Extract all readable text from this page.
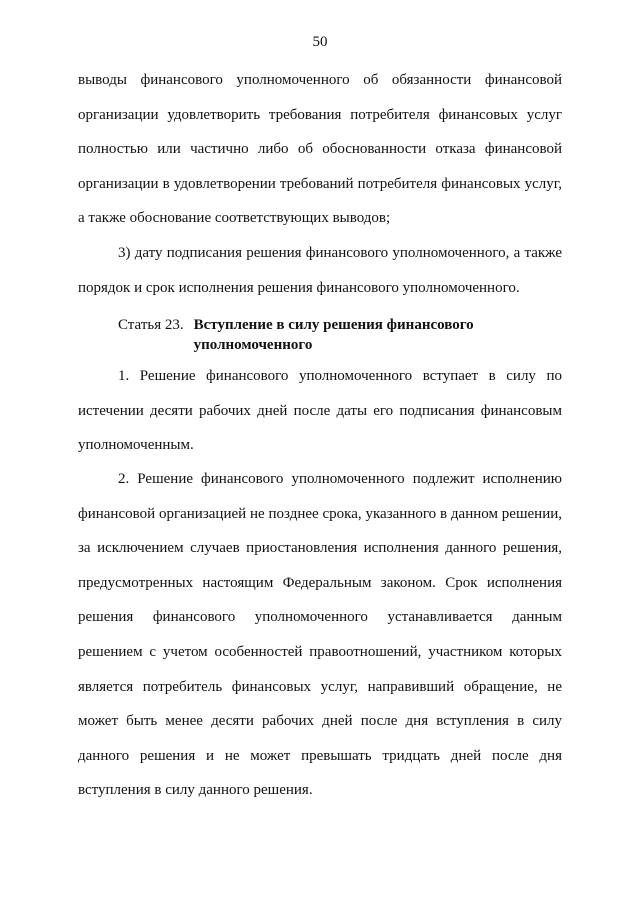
50
выводы финансового уполномоченного об обязанности финансовой
организации удовлетворить требования потребителя финансовых услуг
полностью или частично либо об обоснованности отказа финансовой
организации в удовлетворении требований потребителя финансовых услуг,
а также обоснование соответствующих выводов;
3) дату подписания решения финансового уполномоченного, а также
порядок и срок исполнения решения финансового уполномоченного.
Статья 23. Вступление в силу решения финансового
уполномоченного
1. Решение финансового уполномоченного вступает в силу по
истечении десяти рабочих дней после даты его подписания финансовым
уполномоченным.
2. Решение финансового уполномоченного подлежит исполнению
финансовой организацией не позднее срока, указанного в данном решении,
за исключением случаев приостановления исполнения данного решения,
предусмотренных настоящим Федеральным законом. Срок исполнения
решения финансового уполномоченного устанавливается данным
решением с учетом особенностей правоотношений, участником которых
является потребитель финансовых услуг, направивший обращение, не
может быть менее десяти рабочих дней после дня вступления в силу
данного решения и не может превышать тридцать дней после дня
вступления в силу данного решения.
